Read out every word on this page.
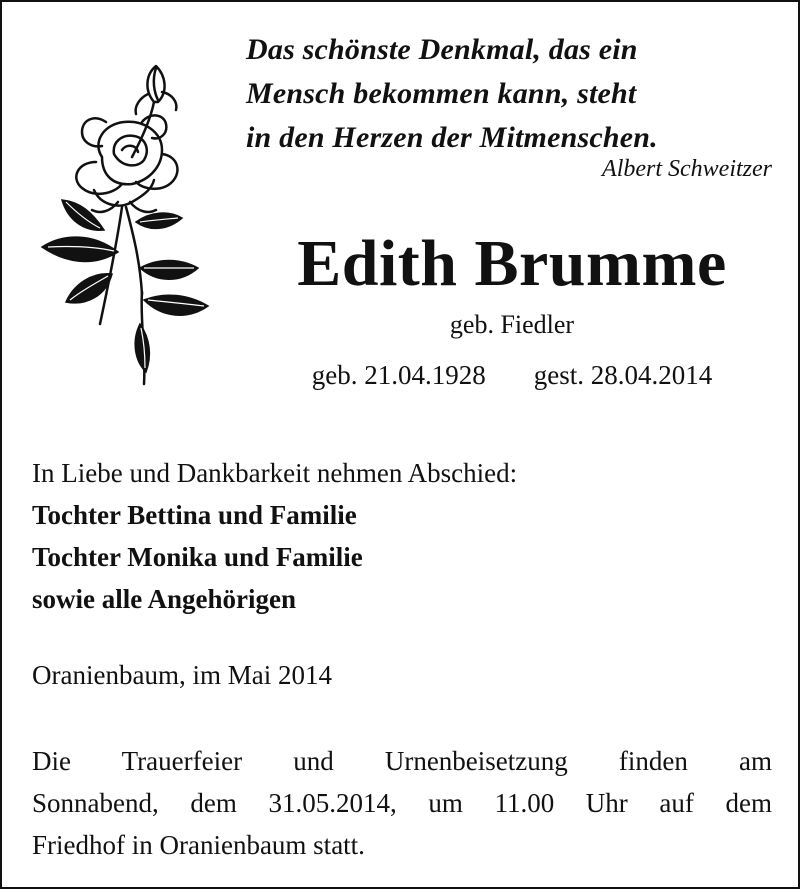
Das schönste Denkmal, das ein
Mensch bekommen kann, steht
in den Herzen der Mitmenschen.
Albert Schweitzer
Edith Brumme
geb. Fiedler
geb. 21.04.1928 gest. 28.04.2014
In Liebe und Dankbarkeit nehmen Abschied:
Tochter Bettina und Familie
Tochter Monika und Familie
sowie alle Angehörigen
Oranienbaum, im Mai 2014
Die Trauerfeier und Urnenbeisetzung finden am
Sonnabend, dem 31.05.2014, um 11.00 Uhr auf dem
Friedhof in Oranienbaum statt.
